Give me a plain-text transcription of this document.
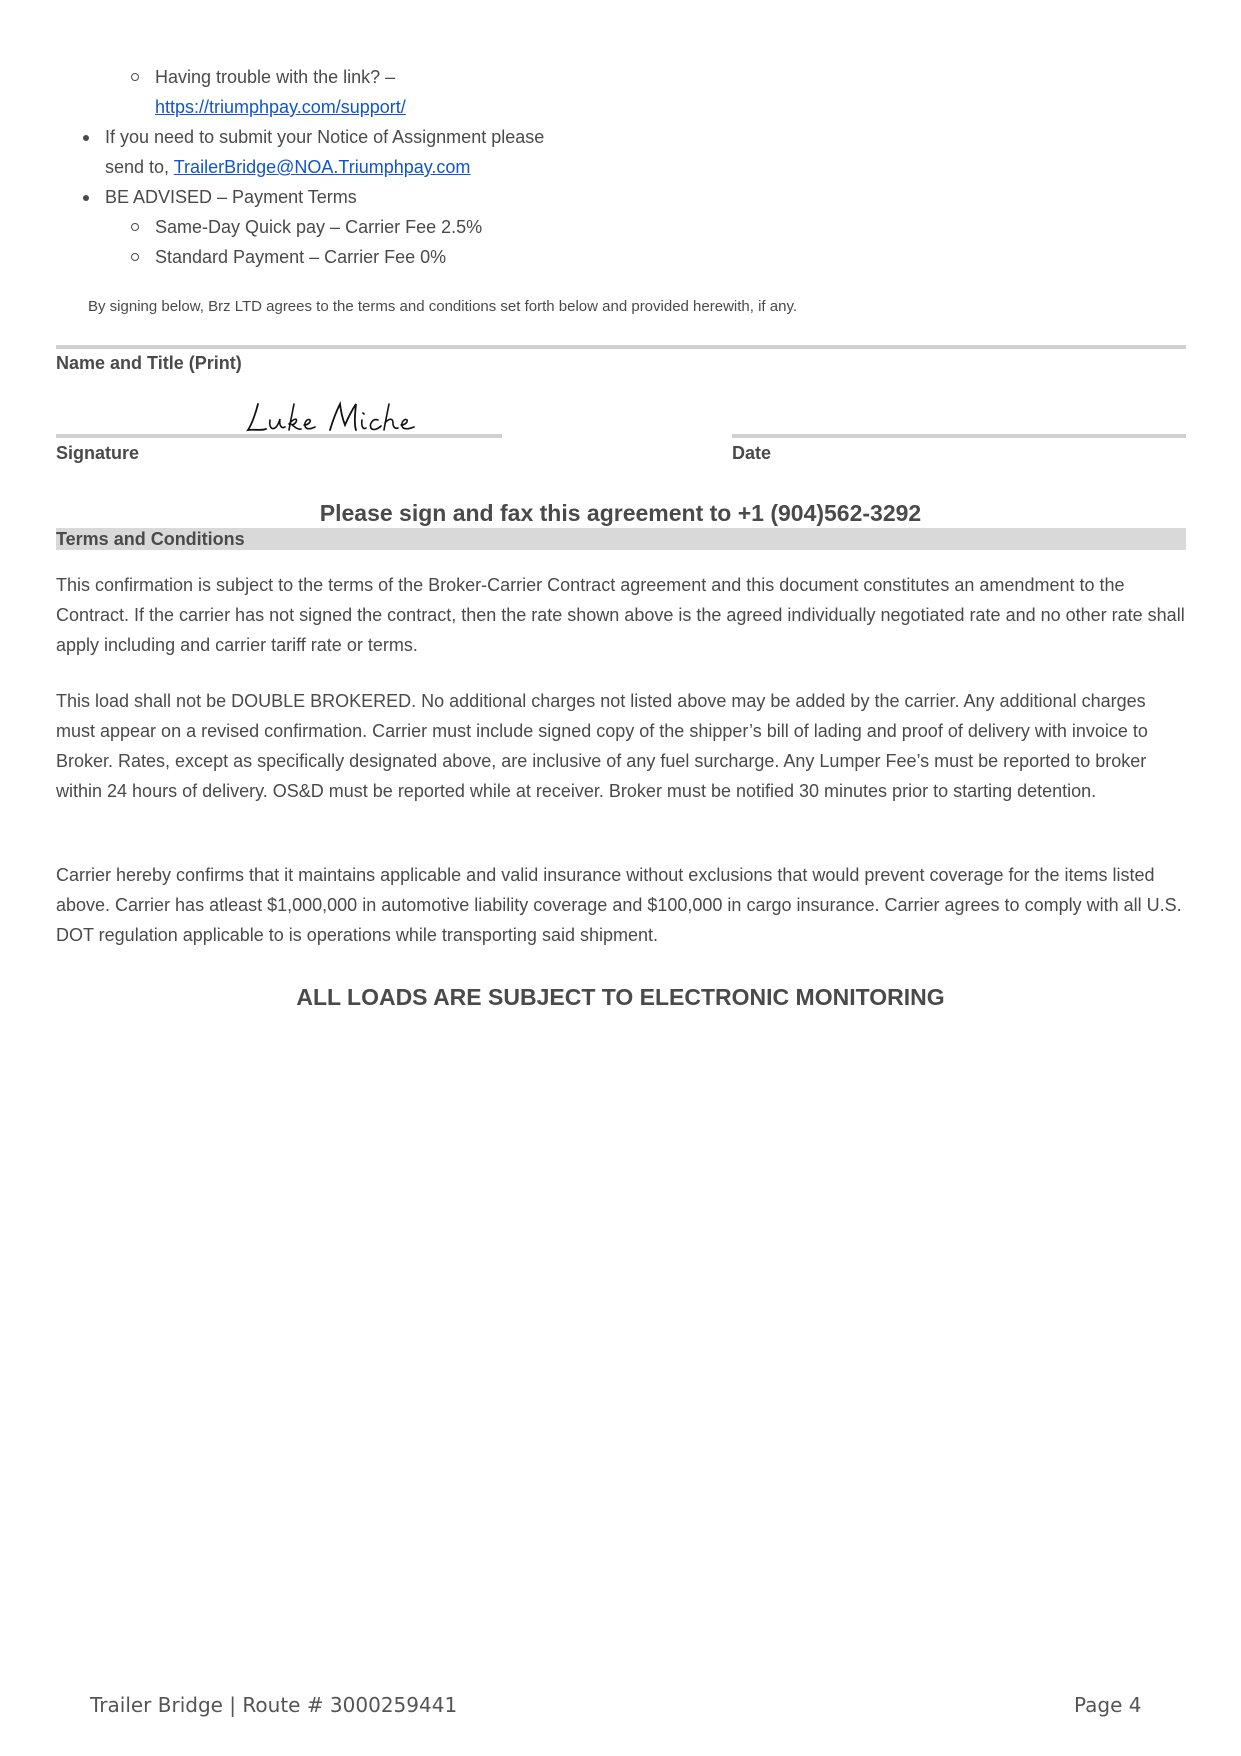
Having trouble with the link? –
https://triumphpay.com/support/
If you need to submit your Notice of Assignment please
send to, TrailerBridge@NOA.Triumphpay.com
BE ADVISED – Payment Terms
Same-Day Quick pay – Carrier Fee 2.5%
Standard Payment – Carrier Fee 0%
By signing below, Brz LTD agrees to the terms and conditions set forth below and provided herewith, if any.
Name and Title (Print)
Signature	Date
Please sign and fax this agreement to +1 (904)562-3292
Terms and Conditions
This confirmation is subject to the terms of the Broker-Carrier Contract agreement and this document constitutes an amendment to the Contract. If the carrier has not signed the contract, then the rate shown above is the agreed individually negotiated rate and no other rate shall apply including and carrier tariff rate or terms.
This load shall not be DOUBLE BROKERED. No additional charges not listed above may be added by the carrier. Any additional charges must appear on a revised confirmation. Carrier must include signed copy of the shipper’s bill of lading and proof of delivery with invoice to Broker. Rates, except as specifically designated above, are inclusive of any fuel surcharge. Any Lumper Fee’s must be reported to broker within 24 hours of delivery. OS&D must be reported while at receiver. Broker must be notified 30 minutes prior to starting detention.
Carrier hereby confirms that it maintains applicable and valid insurance without exclusions that would prevent coverage for the items listed above. Carrier has atleast $1,000,000 in automotive liability coverage and $100,000 in cargo insurance. Carrier agrees to comply with all U.S. DOT regulation applicable to is operations while transporting said shipment.
ALL LOADS ARE SUBJECT TO ELECTRONIC MONITORING
Trailer Bridge | Route # 3000259441	Page 4
